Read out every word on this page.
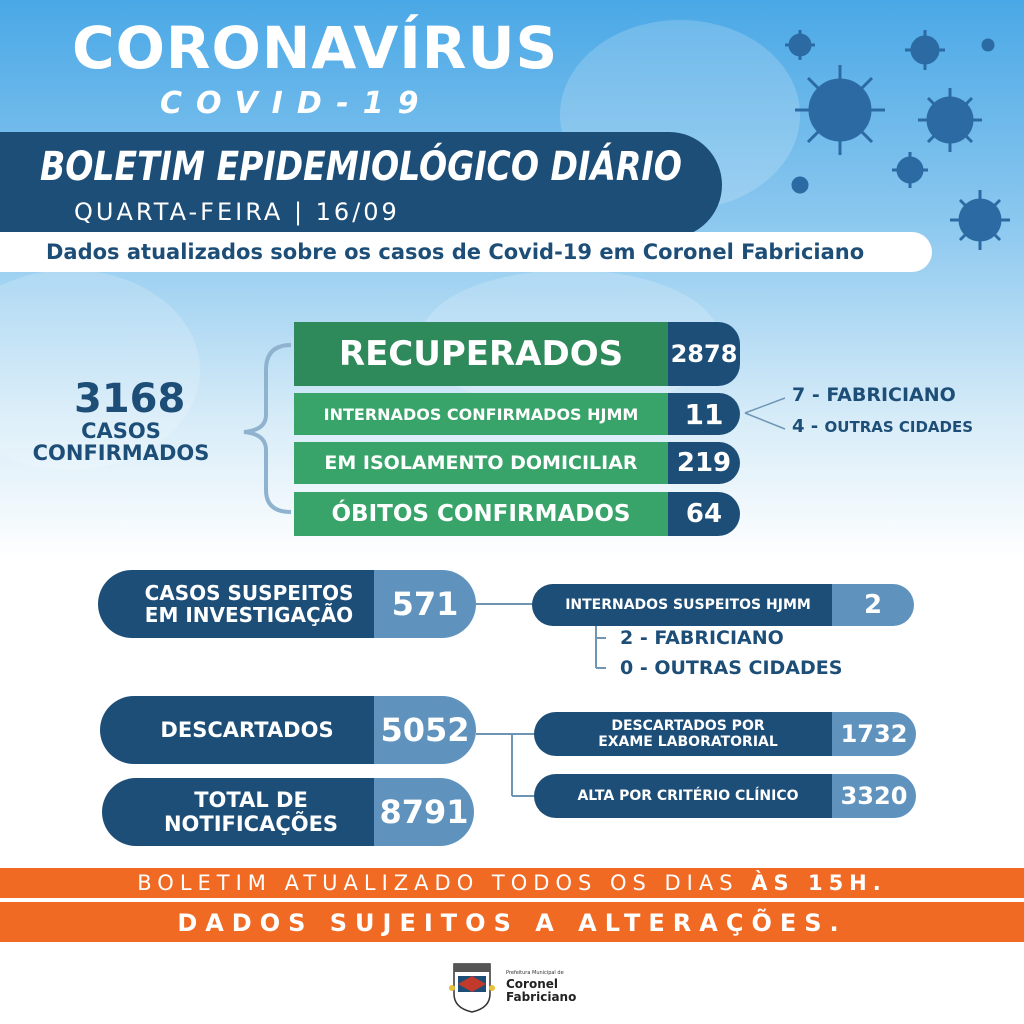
CORONAVÍRUS
COVID-19
BOLETIM EPIDEMIOLÓGICO DIÁRIO
QUARTA-FEIRA | 16/09
Dados atualizados sobre os casos de Covid-19 em Coronel Fabriciano
3168
CASOS
CONFIRMADOS
RECUPERADOS	2878
INTERNADOS CONFIRMADOS HJMM	11
EM ISOLAMENTO DOMICILIAR	219
ÓBITOS CONFIRMADOS	64
7 - FABRICIANO
4 - OUTRAS CIDADES
CASOS SUSPEITOS
EM INVESTIGAÇÃO	571	INTERNADOS SUSPEITOS HJMM	2
2 - FABRICIANO
0 - OUTRAS CIDADES
DESCARTADOS	5052
TOTAL DE
NOTIFICAÇÕES 8791
DESCARTADOS POR
EXAME LABORATORIAL	1732
ALTA POR CRITÉRIO CLÍNICO	3320
BOLETIM ATUALIZADO TODOS OS DIAS ÀS 15H.
DADOS SUJEITOS A ALTERAÇÕES.
Prefeitura Municipal de
Coronel
Fabriciano
